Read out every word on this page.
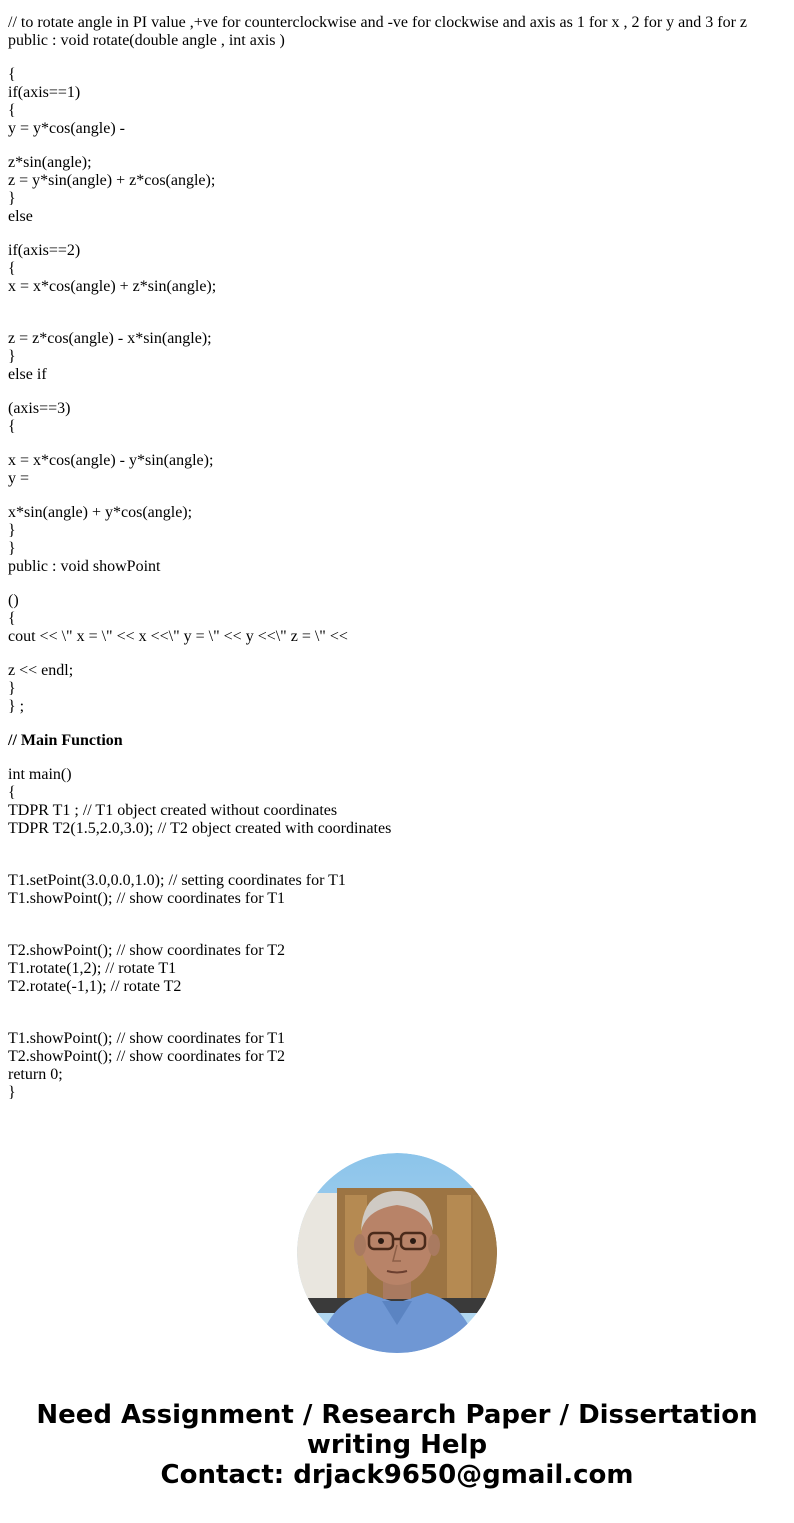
// to rotate angle in PI value ,+ve for counterclockwise and -ve for clockwise and axis as 1 for x , 2 for y and 3 for z
public : void rotate(double angle , int axis )
{
if(axis==1)
{
y = y*cos(angle) -
z*sin(angle);
z = y*sin(angle) + z*cos(angle);
}
else
if(axis==2)
{
x = x*cos(angle) + z*sin(angle);
z = z*cos(angle) - x*sin(angle);
}
else if
(axis==3)
{
x = x*cos(angle) - y*sin(angle);
y =
x*sin(angle) + y*cos(angle);
}
}
public : void showPoint
()
{
cout << \" x = \" << x <<\" y = \" << y <<\" z = \" <<
z << endl;
}
} ;
// Main Function
int main()
{
TDPR T1 ; // T1 object created without coordinates
TDPR T2(1.5,2.0,3.0); // T2 object created with coordinates
T1.setPoint(3.0,0.0,1.0); // setting coordinates for T1
T1.showPoint(); // show coordinates for T1
T2.showPoint(); // show coordinates for T2
T1.rotate(1,2); // rotate T1
T2.rotate(-1,1); // rotate T2
T1.showPoint(); // show coordinates for T1
T2.showPoint(); // show coordinates for T2
return 0;
}
Need Assignment / Research Paper / Dissertation
writing Help
Contact: drjack9650@gmail.com
